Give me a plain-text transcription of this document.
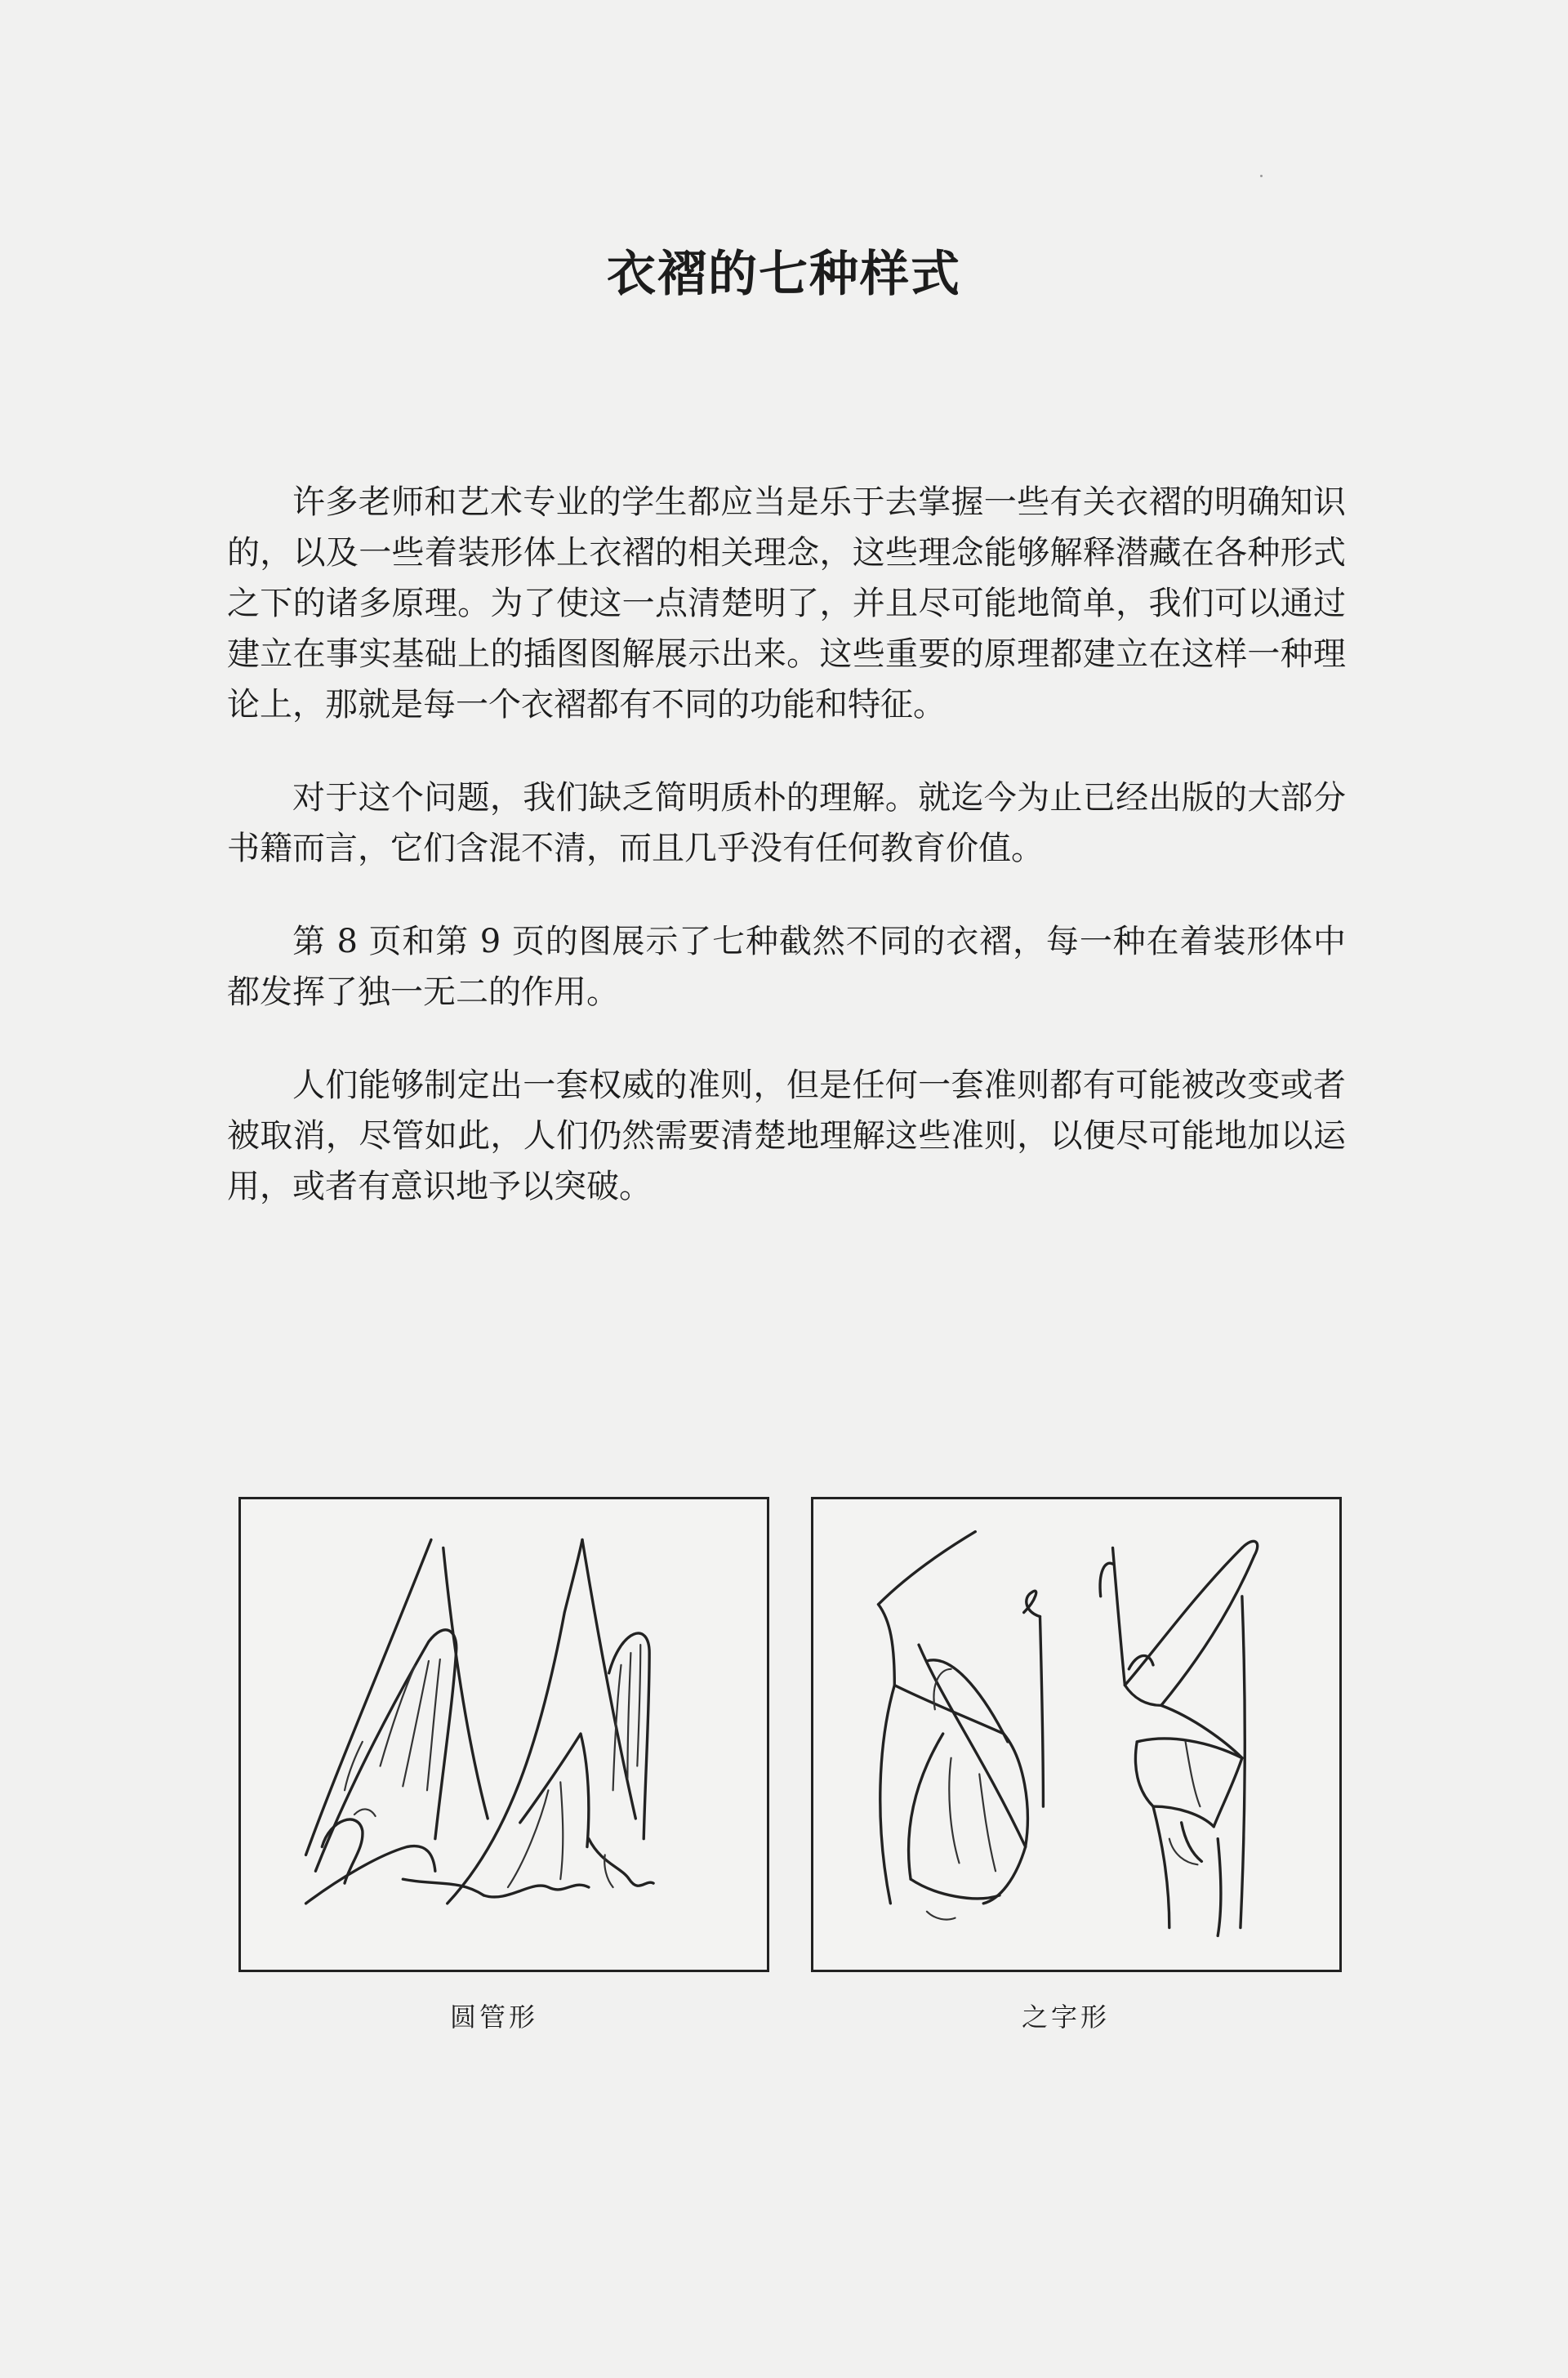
衣褶的七种样式

许多老师和艺术专业的学生都应当是乐于去掌握一些有关衣褶的明确知识的，以及一些着装形体上衣褶的相关理念，这些理念能够解释潜藏在各种形式之下的诸多原理。为了使这一点清楚明了，并且尽可能地简单，我们可以通过建立在事实基础上的插图图解展示出来。这些重要的原理都建立在这样一种理论上，那就是每一个衣褶都有不同的功能和特征。

对于这个问题，我们缺乏简明质朴的理解。就迄今为止已经出版的大部分书籍而言，它们含混不清，而且几乎没有任何教育价值。

第 8 页和第 9 页的图展示了七种截然不同的衣褶，每一种在着装形体中都发挥了独一无二的作用。

人们能够制定出一套权威的准则，但是任何一套准则都有可能被改变或者被取消，尽管如此，人们仍然需要清楚地理解这些准则，以便尽可能地加以运用，或者有意识地予以突破。

圆管形	之字形
